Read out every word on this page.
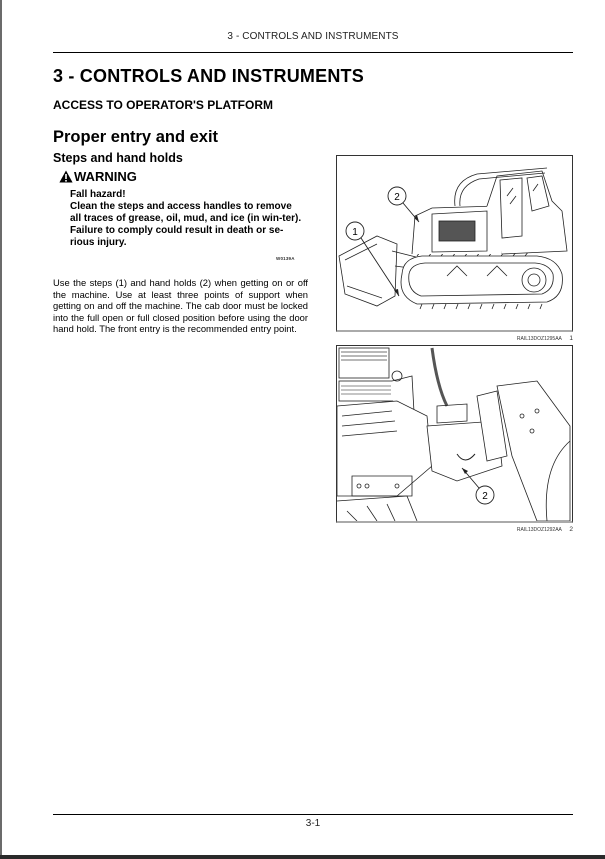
3 - CONTROLS AND INSTRUMENTS
3 - CONTROLS AND INSTRUMENTS
ACCESS TO OPERATOR'S PLATFORM
Proper entry and exit
Steps and hand holds
WARNING

Fall hazard!

Clean the steps and access handles to remove all traces of grease, oil, mud, and ice (in win-ter).

Failure to comply could result in death or se-rious injury.

W0139A
Use the steps (1) and hand holds (2) when getting on or off the machine. Use at least three points of support when getting on and off the machine. The cab door must be locked into the full open or full closed position before using the door hand hold. The front entry is the recommended entry point.
1
2
RAIL13DOZ1295AA 1
2
RAIL13DOZ1292AA 2
3-1
